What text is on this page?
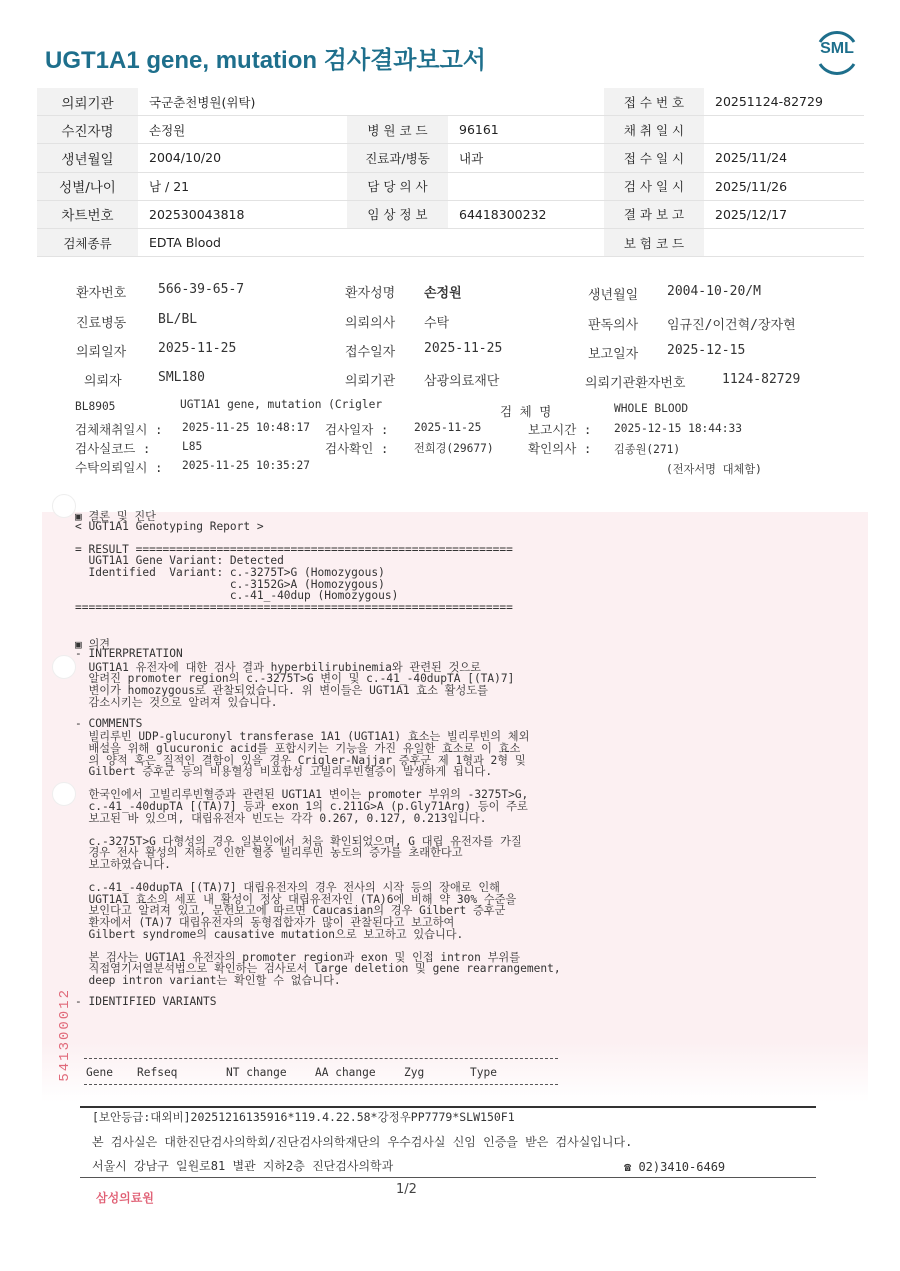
UGT1A1 gene, mutation 검사결과보고서	SML
의뢰기관	국군춘천병원(위탁)			접 수 번 호	20251124-82729
수진자명	손정원	병 원 코 드	96161	채 취 일 시	
생년월일	2004/10/20	진료과/병동	내과	접 수 일 시	2025/11/24
성별/나이	남 / 21	담 당 의 사		검 사 일 시	2025/11/26
차트번호	202530043818	임 상 정 보	64418300232	결 과 보 고	2025/12/17
검체종류	EDTA Blood			보 험 코 드	
환자번호 566-39-65-7	환자성명 손정원	생년월일 2004-10-20/M
진료병동 BL/BL	의뢰의사 수탁	판독의사 임규진/이건혁/장자현
의뢰일자 2025-11-25	접수일자 2025-11-25	보고일자 2025-12-15
의뢰자	SML180	의뢰기관 삼광의료재단	의뢰기관환자번호	1124-82729
BL8905	UGT1A1 gene, mutation (Crigler	검 체 명	WHOLE BLOOD
검체채취일시 : 2025-11-25 10:48:17 검사일자 : 2025-11-25	보고시간 : 2025-12-15 18:44:33
검사실코드 :	L85	검사확인 : 전희경(29677)	확인의사 : 김종원(271)
수탁의뢰일시 : 2025-11-25 10:35:27	(전자서명 대체함)
▣ 결론 및 진단
< UGT1A1 Genotyping Report >
= RESULT ========================================================
UGT1A1 Gene Variant: Detected
Identified  Variant: c.-3275T>G (Homozygous)
c.-3152G>A (Homozygous)
c.-41_-40dup (Homozygous)
=================================================================
▣ 의견
- INTERPRETATION
UGT1A1 유전자에 대한 검사 결과 hyperbilirubinemia와 관련된 것으로
알려진 promoter region의 c.-3275T>G 변이 및 c.-41_-40dupTA [(TA)7]
변이가 homozygous로 관찰되었습니다. 위 변이들은 UGT1A1 효소 활성도를
감소시키는 것으로 알려져 있습니다.
- COMMENTS
빌리루빈 UDP-glucuronyl transferase 1A1 (UGT1A1) 효소는 빌리루빈의 체외
배설을 위해 glucuronic acid를 포합시키는 기능을 가진 유일한 효소로 이 효소
의 양적 혹은 질적인 결함이 있을 경우 Crigler-Najjar 증후군 제 1형과 2형 및
Gilbert 증후군 등의 비용혈성 비포합성 고빌리루빈혈증이 발생하게 됩니다.
한국인에서 고빌리루빈혈증과 관련된 UGT1A1 변이는 promoter 부위의 -3275T>G,
c.-41_-40dupTA [(TA)7] 등과 exon 1의 c.211G>A (p.Gly71Arg) 등이 주로
보고된 바 있으며, 대립유전자 빈도는 각각 0.267, 0.127, 0.213입니다.
c.-3275T>G 다형성의 경우 일본인에서 처음 확인되었으며, G 대립 유전자를 가질
경우 전사 활성의 저하로 인한 혈중 빌리루빈 농도의 증가를 초래한다고
보고하였습니다.
c.-41_-40dupTA [(TA)7] 대립유전자의 경우 전사의 시작 등의 장애로 인해
UGT1A1 효소의 세포 내 활성이 정상 대립유전자인 (TA)6에 비해 약 30% 수준을
보인다고 알려져 있고, 문헌보고에 따르면 Caucasian의 경우 Gilbert 증후군
환자에서 (TA)7 대립유전자의 동형접합자가 많이 관찰된다고 보고하여
Gilbert syndrome의 causative mutation으로 보고하고 있습니다.
본 검사는 UGT1A1 유전자의 promoter region과 exon 및 인접 intron 부위를
직접염기서열분석법으로 확인하는 검사로서 large deletion 및 gene rearrangement,
deep intron variant는 확인할 수 없습니다.
- IDENTIFIED VARIANTS
541300012 Gene Refseq	NT change	AA change	Zyg	Type
[보안등급:대외비]20251216135916*119.4.22.58*강정우PP7779*SLW150F1
본 검사실은 대한진단검사의학회/진단검사의학재단의 우수검사실 신임 인증을 받은 검사실입니다.
서울시 강남구 일원로81 별관 지하2층 진단검사의학과	☎ 02)3410-6469
삼성의료원
1/2
